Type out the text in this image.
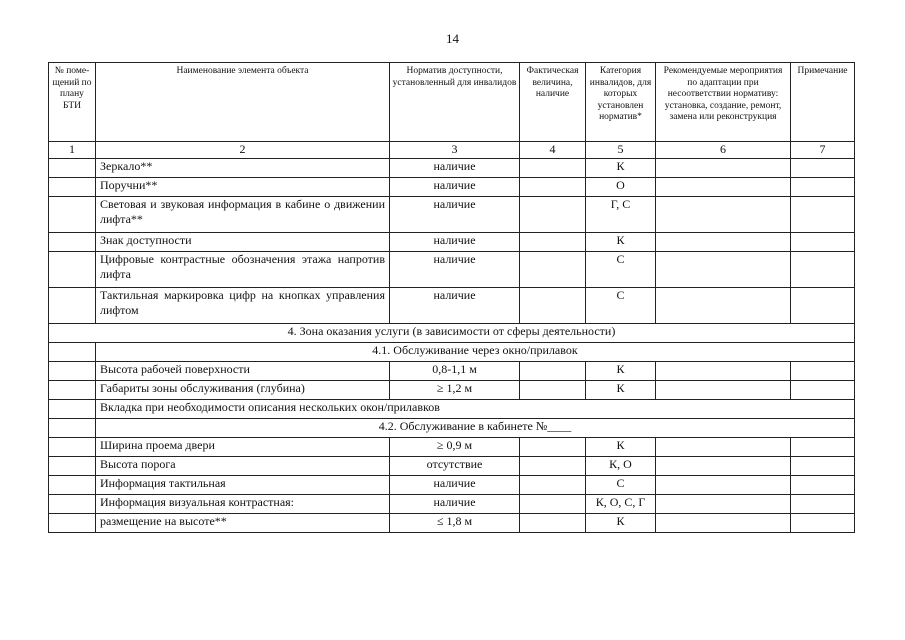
14
№ поме-щений по плану БТИ	Наименование элемента объекта	Норматив доступности, установленный для инвалидов	Фактическая величина, наличие	Категория инвалидов, для которых установлен норматив*	Рекомендуемые мероприятия по адаптации при несоответствии нормативу: установка, создание, ремонт, замена или реконструкция	Примечание
1	2	3	4	5	6	7
	Зеркало**	наличие		К		
	Поручни**	наличие		О		
	Световая и звуковая информация в кабине о движении лифта**	наличие		Г, С		
	Знак доступности	наличие		К		
	Цифровые контрастные обозначения этажа напротив лифта	наличие		С		
	Тактильная маркировка цифр на кнопках управления лифтом	наличие		С		
4. Зона оказания услуги (в зависимости от сферы деятельности)						
	4.1. Обслуживание через окно/прилавок					
	Высота рабочей поверхности	0,8-1,1 м		К		
	Габариты зоны обслуживания (глубина)	≥ 1,2 м		К		
	Вкладка при необходимости описания нескольких окон/прилавков					
	4.2. Обслуживание в кабинете №____					
	Ширина проема двери	≥ 0,9 м		К		
	Высота порога	отсутствие		К, О		
	Информация тактильная	наличие		С		
	Информация визуальная контрастная:	наличие		К, О, С, Г		
	размещение на высоте**	≤ 1,8 м		К		
